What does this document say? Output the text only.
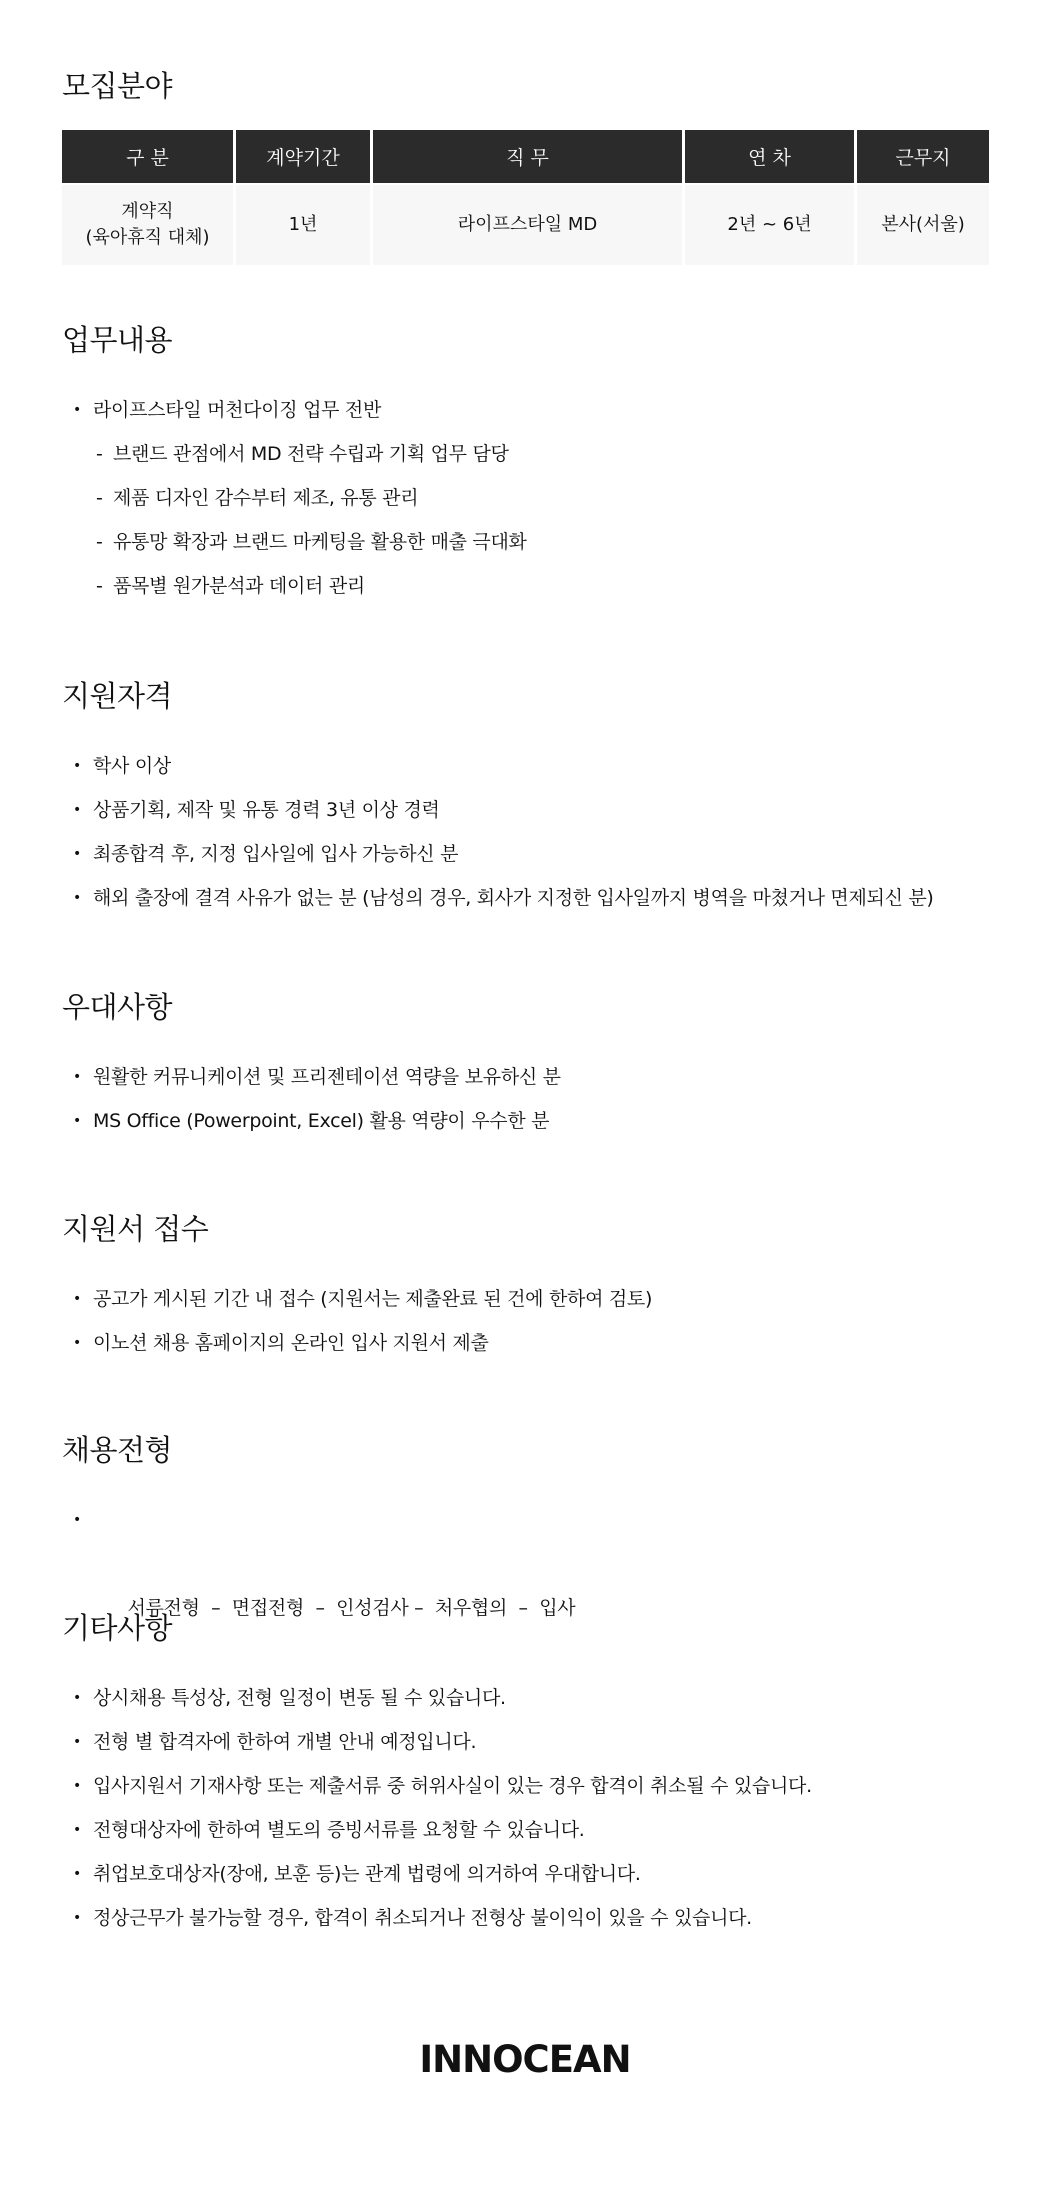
모집분야
구 분	계약기간	직 무	연 차	근무지

계약직
(육아휴직 대체)	1년	라이프스타일 MD	2년 ~ 6년	본사(서울)
업무내용
• 라이프스타일 머천다이징 업무 전반
- 브랜드 관점에서 MD 전략 수립과 기획 업무 담당
- 제품 디자인 감수부터 제조, 유통 관리
- 유통망 확장과 브랜드 마케팅을 활용한 매출 극대화
- 품목별 원가분석과 데이터 관리
지원자격
• 학사 이상
• 상품기획, 제작 및 유통 경력 3년 이상 경력
• 최종합격 후, 지정 입사일에 입사 가능하신 분
• 해외 출장에 결격 사유가 없는 분 (남성의 경우, 회사가 지정한 입사일까지 병역을 마쳤거나 면제되신 분)
우대사항
• 원활한 커뮤니케이션 및 프리젠테이션 역량을 보유하신 분
• MS Office (Powerpoint, Excel) 활용 역량이 우수한 분
지원서 접수
• 공고가 게시된 기간 내 접수 (지원서는 제출완료 된 건에 한하여 검토)
• 이노션 채용 홈페이지의 온라인 입사 지원서 제출
채용전형

•

서류전형  –  면접전형  –  인성검사 –  처우협의  –  입사

기타사항
• 상시채용 특성상, 전형 일정이 변동 될 수 있습니다.
• 전형 별 합격자에 한하여 개별 안내 예정입니다.
• 입사지원서 기재사항 또는 제출서류 중 허위사실이 있는 경우 합격이 취소될 수 있습니다.
• 전형대상자에 한하여 별도의 증빙서류를 요청할 수 있습니다.
• 취업보호대상자(장애, 보훈 등)는 관계 법령에 의거하여 우대합니다.
• 정상근무가 불가능할 경우, 합격이 취소되거나 전형상 불이익이 있을 수 있습니다.
INNOCEAN
